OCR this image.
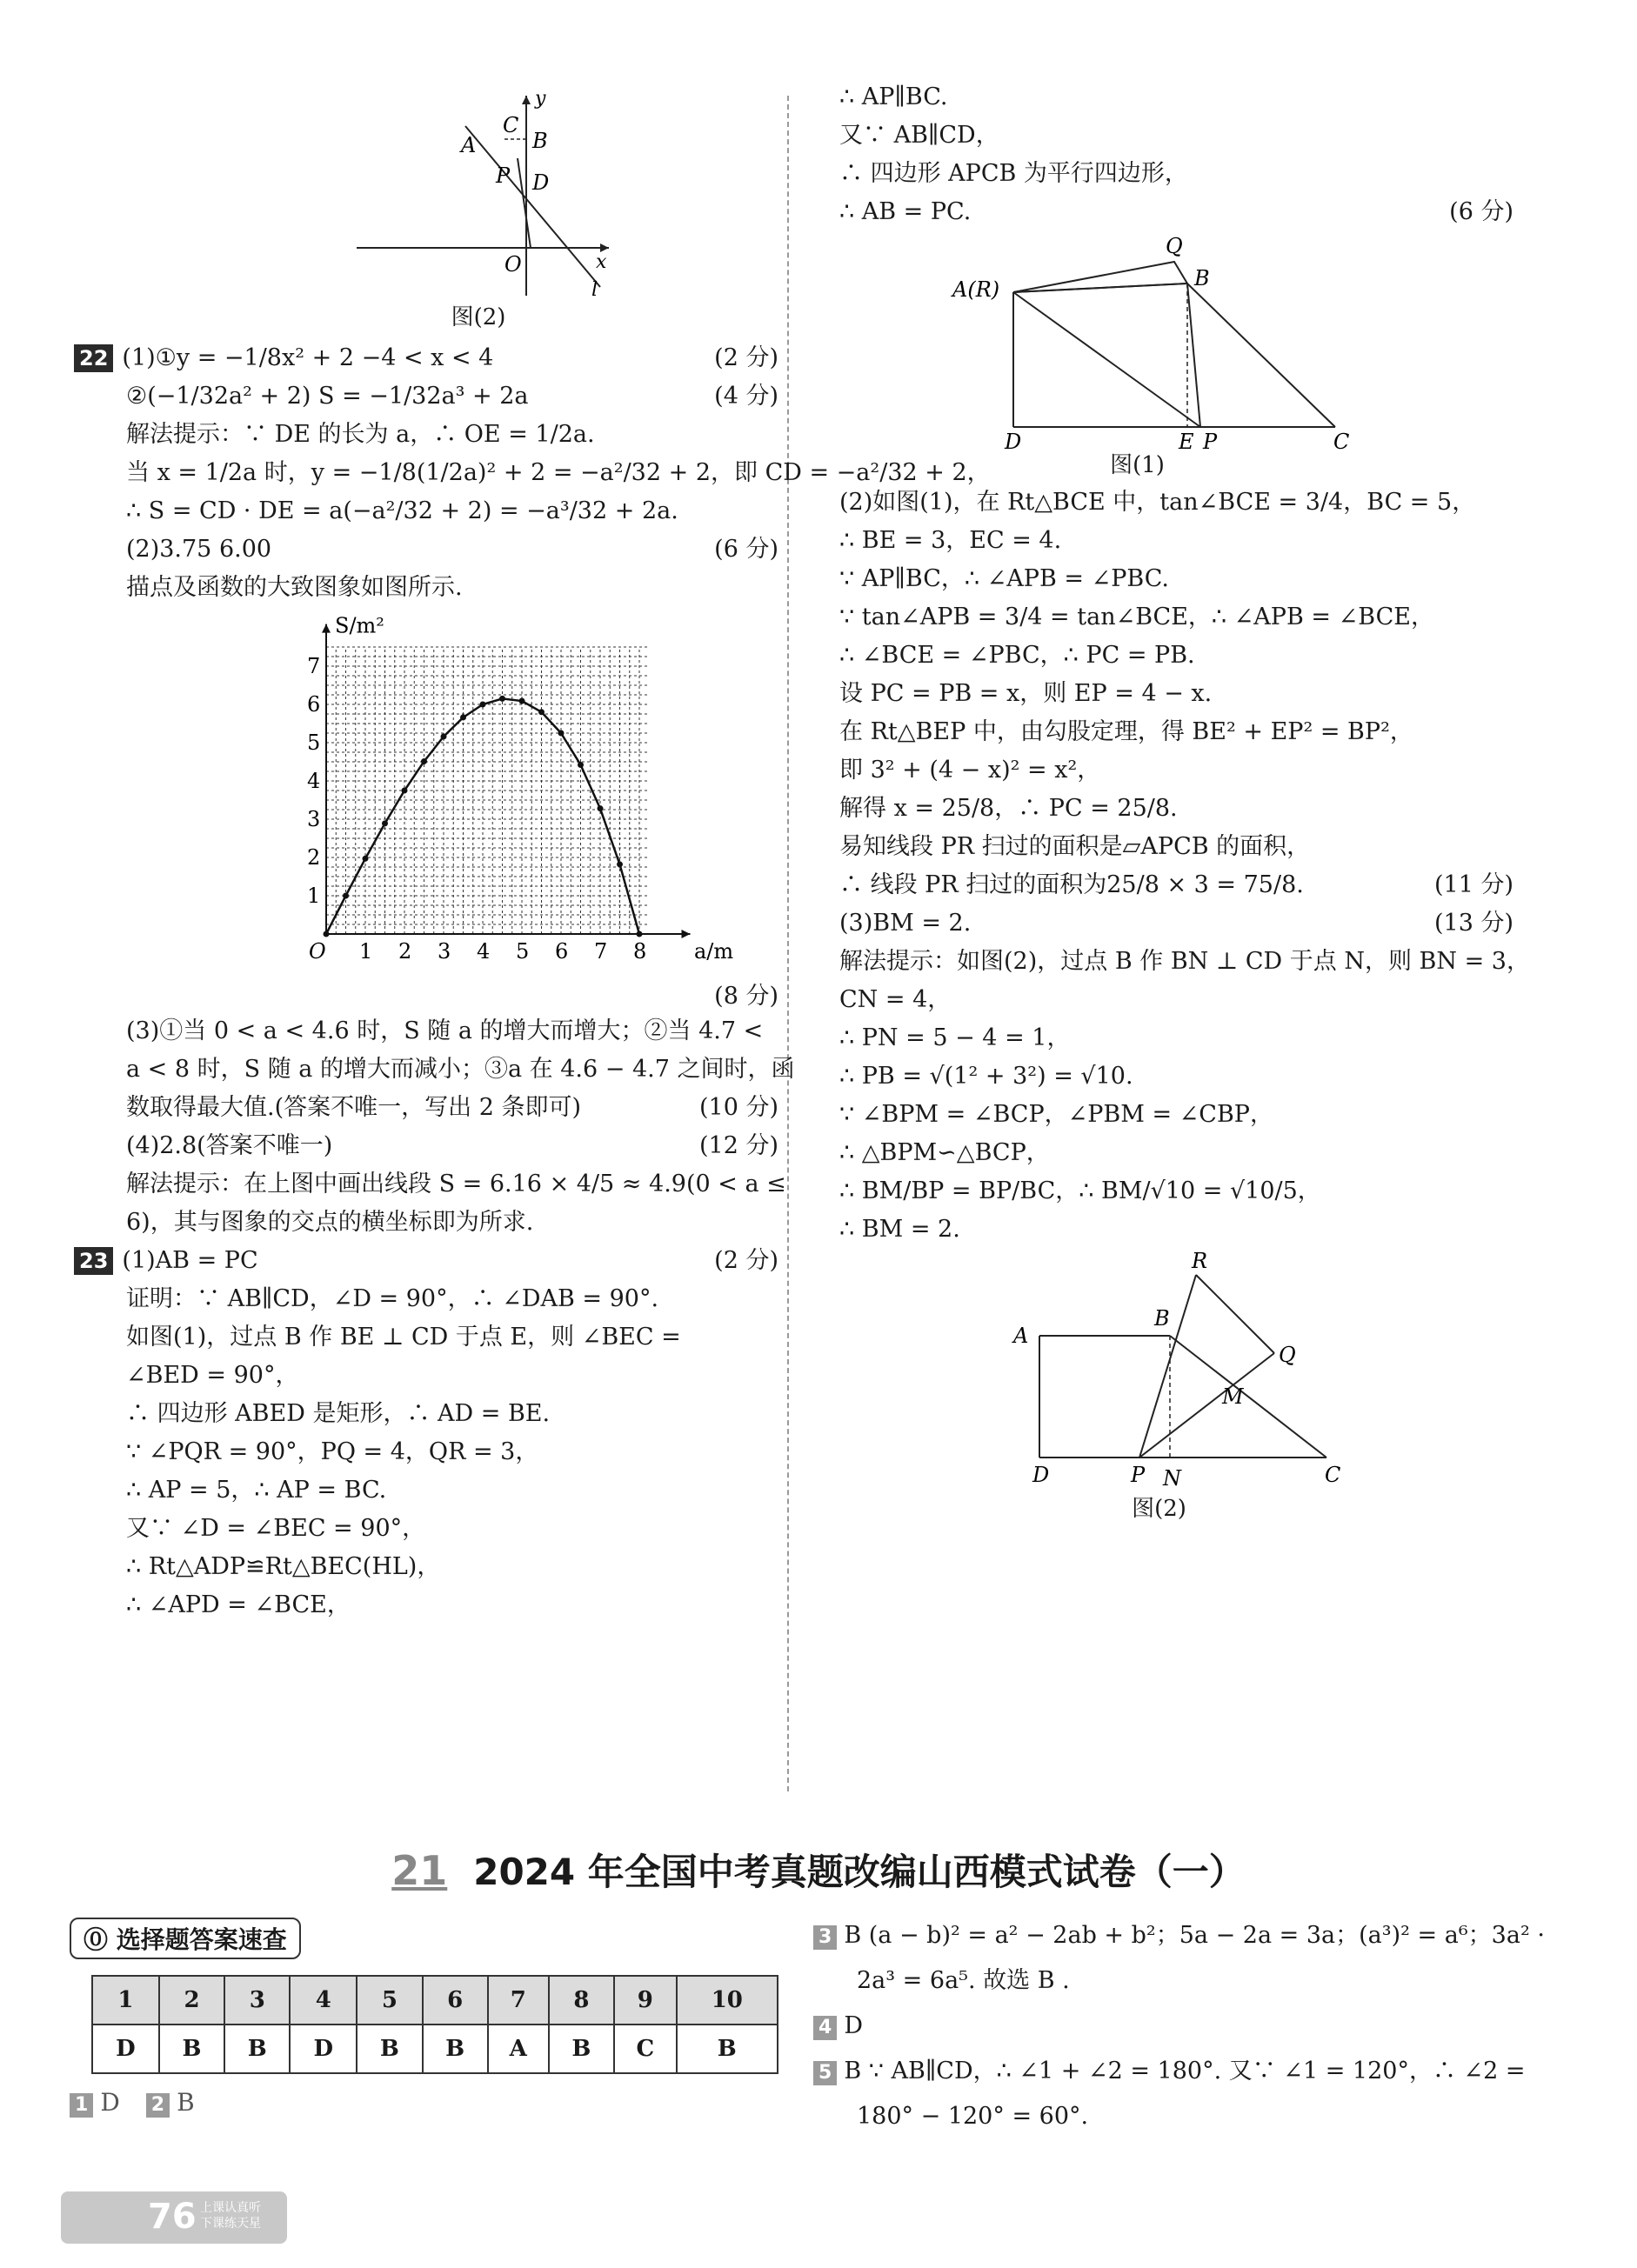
A
C
B
P D
O	x
y
l
图(2)
22 (1)①y = −1/8x² + 2 −4 < x < 4	(2 分)
②(−1/32a² + 2) S = −1/32a³ + 2a	(4 分)
解法提示：∵ DE 的长为 a，∴ OE = 1/2a.
当 x = 1/2a 时，y = −1/8(1/2a)² + 2 = −a²/32 + 2，即 CD = −a²/32 + 2，
∴ S = CD · DE = a(−a²/32 + 2) = −a³/32 + 2a.
(2)3.75 6.00	(6 分)
描点及函数的大致图象如图所示.
1 2 3 4 5 6 7 8
1
2
3
4
5
6
7
O
S/m²
a/m
(8 分)
(3)①当 0 < a < 4.6 时，S 随 a 的增大而增大；②当 4.7 <
a < 8 时，S 随 a 的增大而减小；③a 在 4.6 − 4.7 之间时，函
数取得最大值.(答案不唯一，写出 2 条即可)	(10 分)
(4)2.8(答案不唯一)	(12 分)
解法提示：在上图中画出线段 S = 6.16 × 4/5 ≈ 4.9(0 < a ≤
6)，其与图象的交点的横坐标即为所求.
23 (1)AB = PC	(2 分)
证明：∵ AB∥CD，∠D = 90°，∴ ∠DAB = 90°.
如图(1)，过点 B 作 BE ⊥ CD 于点 E，则 ∠BEC =
∠BED = 90°，
∴ 四边形 ABED 是矩形，∴ AD = BE.
∵ ∠PQR = 90°，PQ = 4，QR = 3，
∴ AP = 5，∴ AP = BC.
又∵ ∠D = ∠BEC = 90°，
∴ Rt△ADP≌Rt△BEC(HL)，
∴ ∠APD = ∠BCE，
∴ AP∥BC.
又∵ AB∥CD，
∴ 四边形 APCB 为平行四边形，
∴ AB = PC.	(6 分)
Q
A(R)	B
D	E P	C
图(1)
(2)如图(1)，在 Rt△BCE 中，tan∠BCE = 3/4，BC = 5，
∴ BE = 3，EC = 4.
∵ AP∥BC，∴ ∠APB = ∠PBC.
∵ tan∠APB = 3/4 = tan∠BCE，∴ ∠APB = ∠BCE，
∴ ∠BCE = ∠PBC，∴ PC = PB.
设 PC = PB = x，则 EP = 4 − x.
在 Rt△BEP 中，由勾股定理，得 BE² + EP² = BP²，
即 3² + (4 − x)² = x²，
解得 x = 25/8，∴ PC = 25/8.
易知线段 PR 扫过的面积是▱APCB 的面积，
∴ 线段 PR 扫过的面积为25/8 × 3 = 75/8.	(11 分)
(3)BM = 2.	(13 分)
解法提示：如图(2)，过点 B 作 BN ⊥ CD 于点 N，则 BN = 3，
CN = 4，
∴ PN = 5 − 4 = 1，
∴ PB = √(1² + 3²) = √10.
∵ ∠BPM = ∠BCP，∠PBM = ∠CBP，
∴ △BPM∽△BCP，
∴ BM/BP = BP/BC，∴ BM/√10 = √10/5，
∴ BM = 2.
R
A
B
Q
M
D	P N	C
图(2)
21 2024 年全国中考真题改编山西模式试卷（一）
⓪ 选择题答案速查
1	2	3	4	5	6	7	8	9	10
D	B	B	D	B	B	A	B	C	B
1 D 2 B
3 B (a − b)² = a² − 2ab + b²；5a − 2a = 3a；(a³)² = a⁶；3a² ·
2a³ = 6a⁵. 故选 B .
4 D
5 B ∵ AB∥CD，∴ ∠1 + ∠2 = 180°. 又∵ ∠1 = 120°，∴ ∠2 =
180° − 120° = 60°.
76 上课认真听
下课练天星
